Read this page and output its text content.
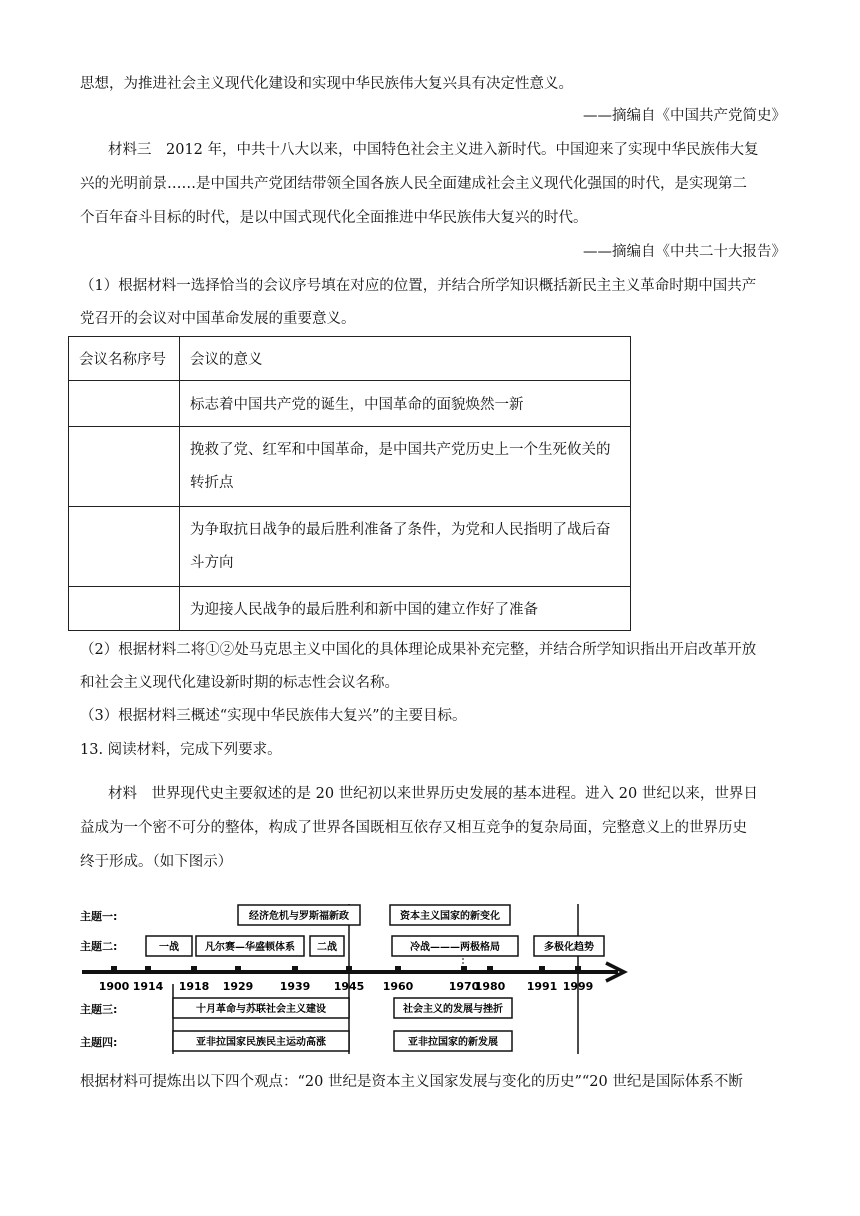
思想，为推进社会主义现代化建设和实现中华民族伟大复兴具有决定性意义。
——摘编自《中国共产党简史》
材料三　2012 年，中共十八大以来，中国特色社会主义进入新时代。中国迎来了实现中华民族伟大复
兴的光明前景……是中国共产党团结带领全国各族人民全面建成社会主义现代化强国的时代，是实现第二
个百年奋斗目标的时代，是以中国式现代化全面推进中华民族伟大复兴的时代。
——摘编自《中共二十大报告》
（1）根据材料一选择恰当的会议序号填在对应的位置，并结合所学知识概括新民主主义革命时期中国共产
党召开的会议对中国革命发展的重要意义。
会议名称序号	会议的意义
	标志着中国共产党的诞生，中国革命的面貌焕然一新

	挽救了党、红军和中国革命，是中国共产党历史上一个生死攸关的
转折点

	为争取抗日战争的最后胜利准备了条件，为党和人民指明了战后奋
斗方向

	为迎接人民战争的最后胜利和新中国的建立作好了准备
（2）根据材料二将①②处马克思主义中国化的具体理论成果补充完整，并结合所学知识指出开启改革开放
和社会主义现代化建设新时期的标志性会议名称。
（3）根据材料三概述“实现中华民族伟大复兴”的主要目标。
13. 阅读材料，完成下列要求。
材料　世界现代史主要叙述的是 20 世纪初以来世界历史发展的基本进程。进入 20 世纪以来，世界日
益成为一个密不可分的整体，构成了世界各国既相互依存又相互竞争的复杂局面，完整意义上的世界历史
终于形成。（如下图示）
主题一:
主题二:
主题三:
主题四:
经济危机与罗斯福新政	资本主义国家的新变化
一战	凡尔赛—华盛顿体系 二战	冷战———两极格局	多极化趋势
1900 1914 1918 1929 1939 1945 1960	1970
1980 1991 1999
十月革命与苏联社会主义建设	社会主义的发展与挫折
亚非拉国家民族民主运动高涨	亚非拉国家的新发展
根据材料可提炼出以下四个观点：“20 世纪是资本主义国家发展与变化的历史”“20 世纪是国际体系不断
